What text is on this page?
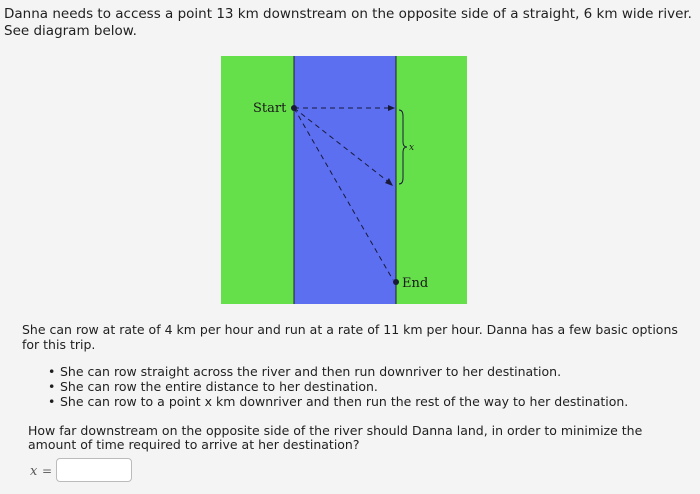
Danna needs to access a point 13 km downstream on the opposite side of a straight, 6 km wide river. See diagram below.
Start
End
x
She can row at rate of 4 km per hour and run at a rate of 11 km per hour. Danna has a few basic options for this trip.
• She can row straight across the river and then run downriver to her destination.
• She can row the entire distance to her destination.
• She can row to a point x km downriver and then run the rest of the way to her destination.
How far downstream on the opposite side of the river should Danna land, in order to minimize the amount of time required to arrive at her destination?
x =
